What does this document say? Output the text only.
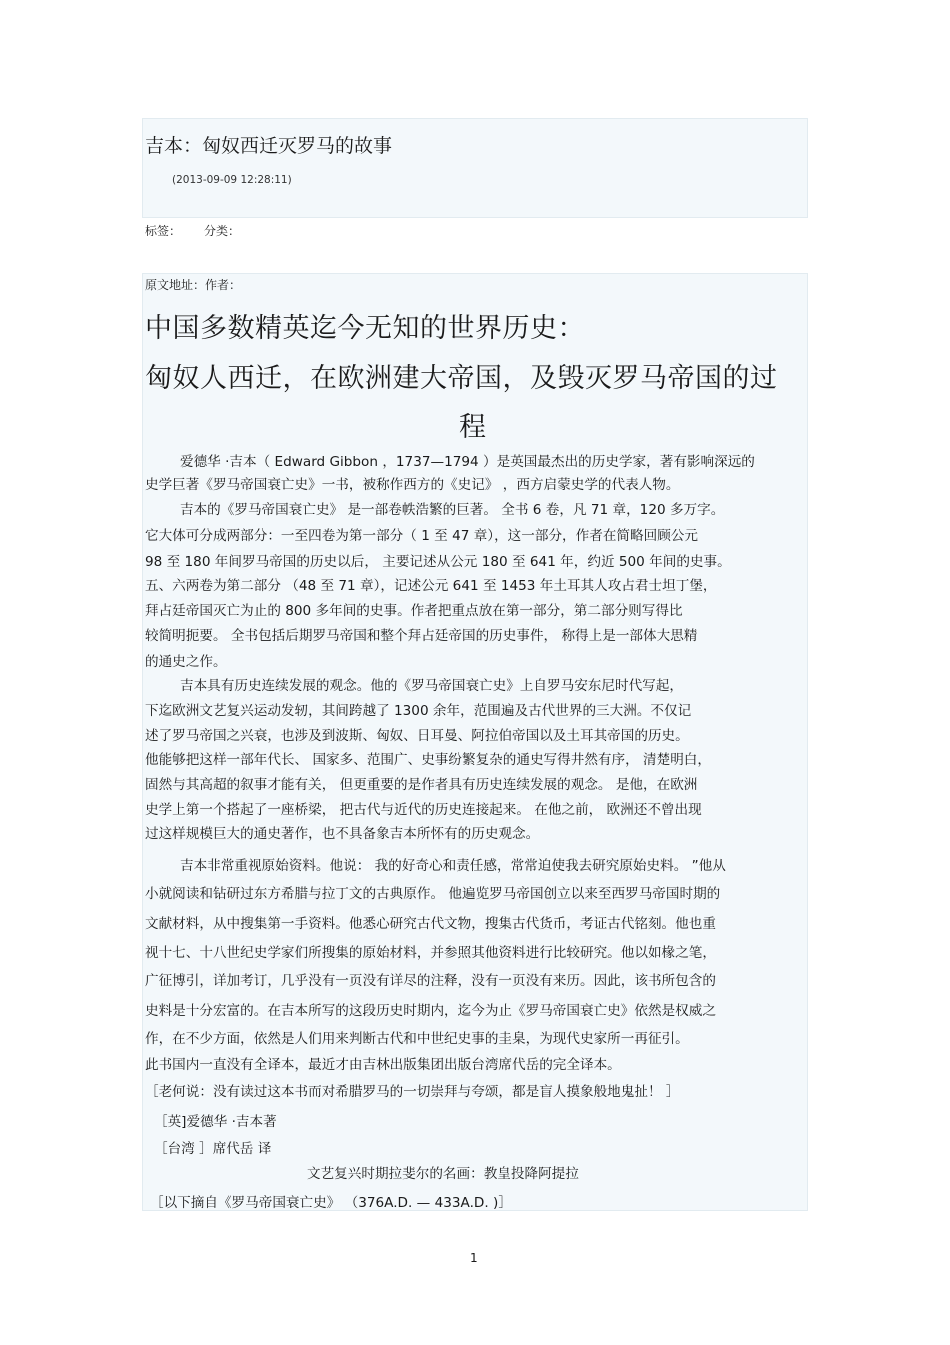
吉本：匈奴西迁灭罗马的故事
(2013-09-09 12:28:11)
标签： 分类：
原文地址：作者：
中国多数精英迄今无知的世界历史：
匈奴人西迁，在欧洲建大帝国，及毁灭罗马帝国的过
程
爱德华 ·吉本（ Edward Gibbon ，1737—1794 ）是英国最杰出的历史学家，著有影响深远的
史学巨著《罗马帝国衰亡史》一书，被称作西方的《史记》 ，西方启蒙史学的代表人物。
吉本的《罗马帝国衰亡史》 是一部卷帙浩繁的巨著。 全书 6 卷，凡 71 章，120 多万字。
它大体可分成两部分：一至四卷为第一部分（ 1 至 47 章），这一部分，作者在简略回顾公元
98 至 180 年间罗马帝国的历史以后， 主要记述从公元 180 至 641 年，约近 500 年间的史事。
五、六两卷为第二部分 （48 至 71 章），记述公元 641 至 1453 年土耳其人攻占君士坦丁堡，
拜占廷帝国灭亡为止的 800 多年间的史事。作者把重点放在第一部分，第二部分则写得比
较简明扼要。 全书包括后期罗马帝国和整个拜占廷帝国的历史事件， 称得上是一部体大思精
的通史之作。
吉本具有历史连续发展的观念。他的《罗马帝国衰亡史》上自罗马安东尼时代写起，
下迄欧洲文艺复兴运动发轫，其间跨越了 1300 余年，范围遍及古代世界的三大洲。不仅记
述了罗马帝国之兴衰，也涉及到波斯、匈奴、日耳曼、阿拉伯帝国以及土耳其帝国的历史。
他能够把这样一部年代长、 国家多、范围广、史事纷繁复杂的通史写得井然有序， 清楚明白，
固然与其高超的叙事才能有关， 但更重要的是作者具有历史连续发展的观念。 是他，在欧洲
史学上第一个搭起了一座桥梁， 把古代与近代的历史连接起来。 在他之前， 欧洲还不曾出现
过这样规模巨大的通史著作，也不具备象吉本所怀有的历史观念。
吉本非常重视原始资料。他说： 我的好奇心和责任感，常常迫使我去研究原始史料。 ”他从
小就阅读和钻研过东方希腊与拉丁文的古典原作。 他遍览罗马帝国创立以来至西罗马帝国时期的
文献材料，从中搜集第一手资料。他悉心研究古代文物，搜集古代货币，考证古代铭刻。他也重
视十七、十八世纪史学家们所搜集的原始材料，并参照其他资料进行比较研究。他以如椽之笔，
广征博引，详加考订，几乎没有一页没有详尽的注释，没有一页没有来历。因此，该书所包含的
史料是十分宏富的。在吉本所写的这段历史时期内，迄今为止《罗马帝国衰亡史》依然是权威之
作，在不少方面，依然是人们用来判断古代和中世纪史事的圭臬，为现代史家所一再征引。
此书国内一直没有全译本，最近才由吉林出版集团出版台湾席代岳的完全译本。
［老何说：没有读过这本书而对希腊罗马的一切崇拜与夸颂，都是盲人摸象般地鬼扯！ ］
［英]爱德华 ·吉本著
［台湾 ］席代岳 译
文艺复兴时期拉斐尔的名画：教皇投降阿提拉
［以下摘自《罗马帝国衰亡史》 （376A.D. — 433A.D. )］
1
